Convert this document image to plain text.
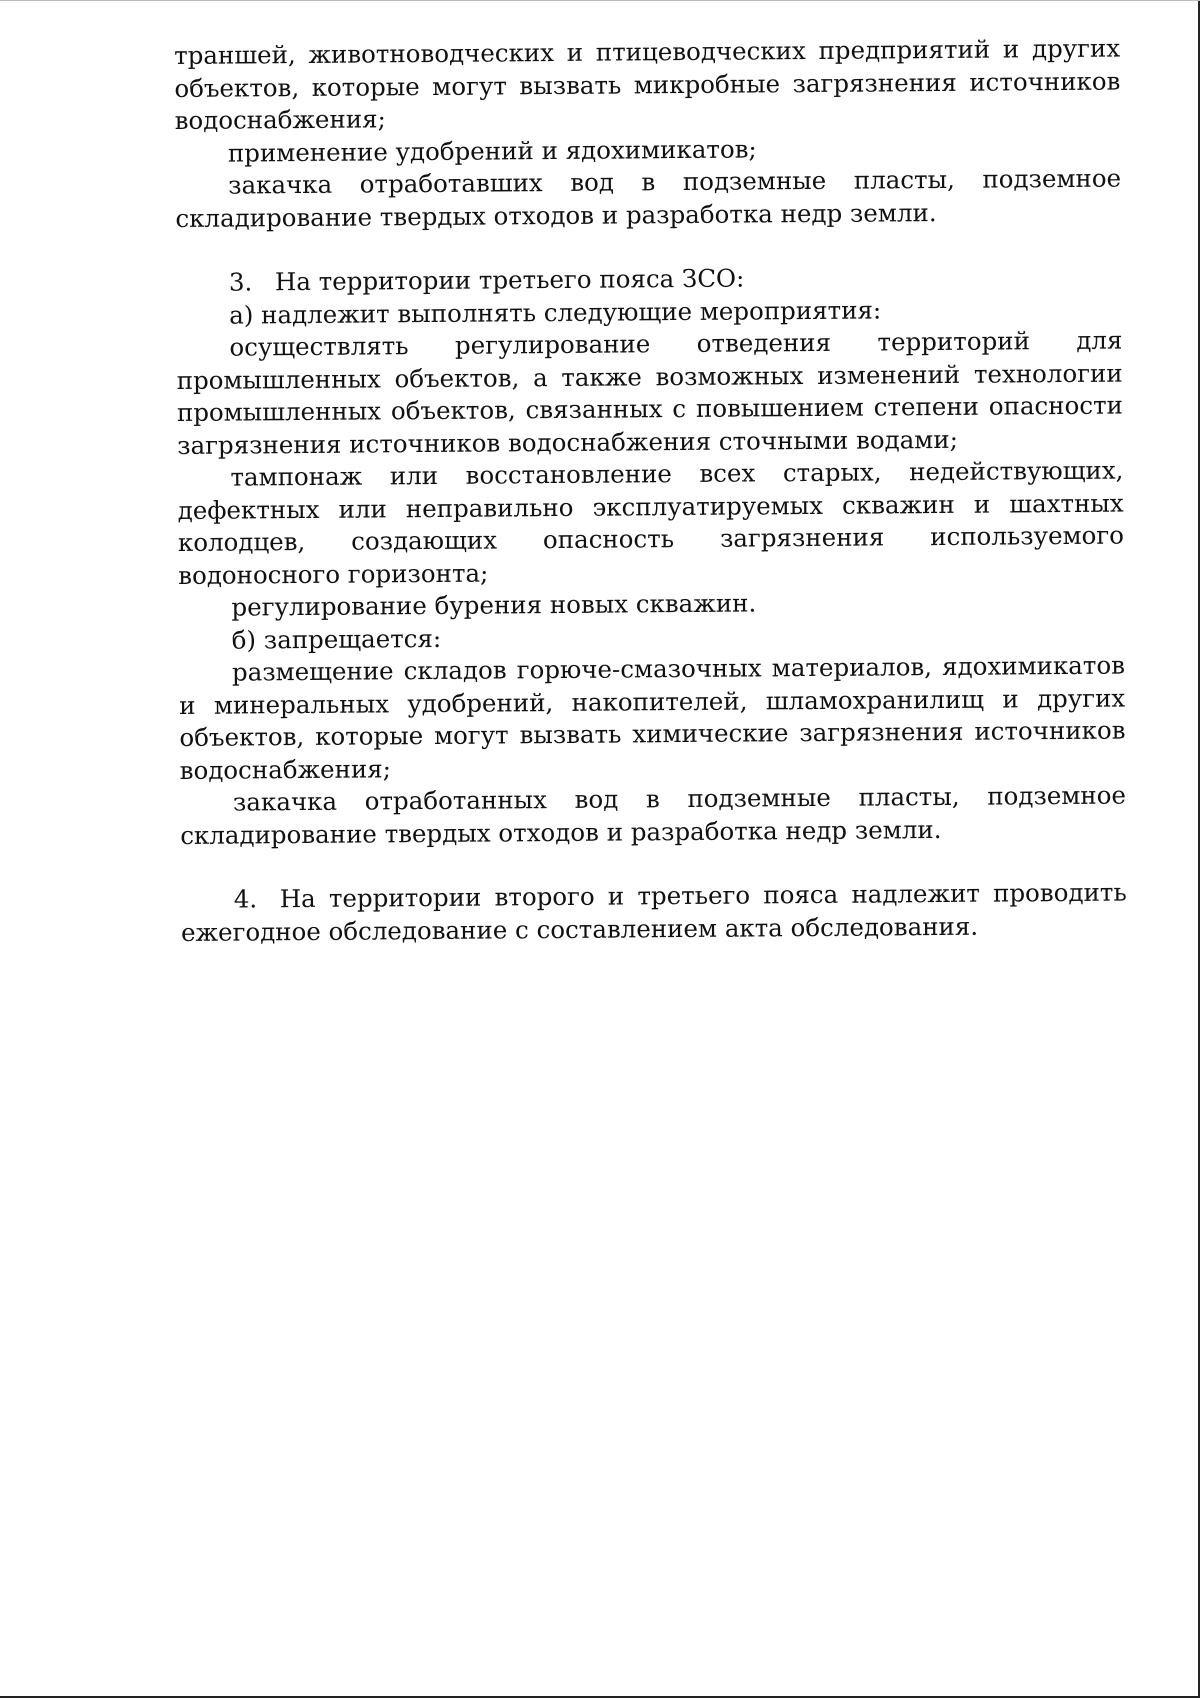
траншей, животноводческих и птицеводческих предприятий и других объектов, которые могут вызвать микробные загрязнения источников водоснабжения;

применение удобрений и ядохимикатов;

закачка отработавших вод в подземные пласты, подземное

складирование твердых отходов и разработка недр земли.

3. На территории третьего пояса ЗСО:

а) надлежит выполнять следующие мероприятия:

осуществлять регулирование отведения территорий для промышленных объектов, а также возможных изменений технологии промышленных объектов, связанных с повышением степени опасности загрязнения источников водоснабжения сточными водами;

тампонаж или восстановление всех старых, недействующих, дефектных или неправильно эксплуатируемых скважин и шахтных колодцев, создающих опасность загрязнения используемого водоносного горизонта;

регулирование бурения новых скважин.

б) запрещается:

размещение складов горюче-смазочных материалов, ядохимикатов и минеральных удобрений, накопителей, шламохранилищ и других объектов, которые могут вызвать химические загрязнения источников водоснабжения;

закачка отработанных вод в подземные пласты, подземное

складирование твердых отходов и разработка недр земли.

4. На территории второго и третьего пояса надлежит проводить ежегодное обследование с составлением акта обследования.
